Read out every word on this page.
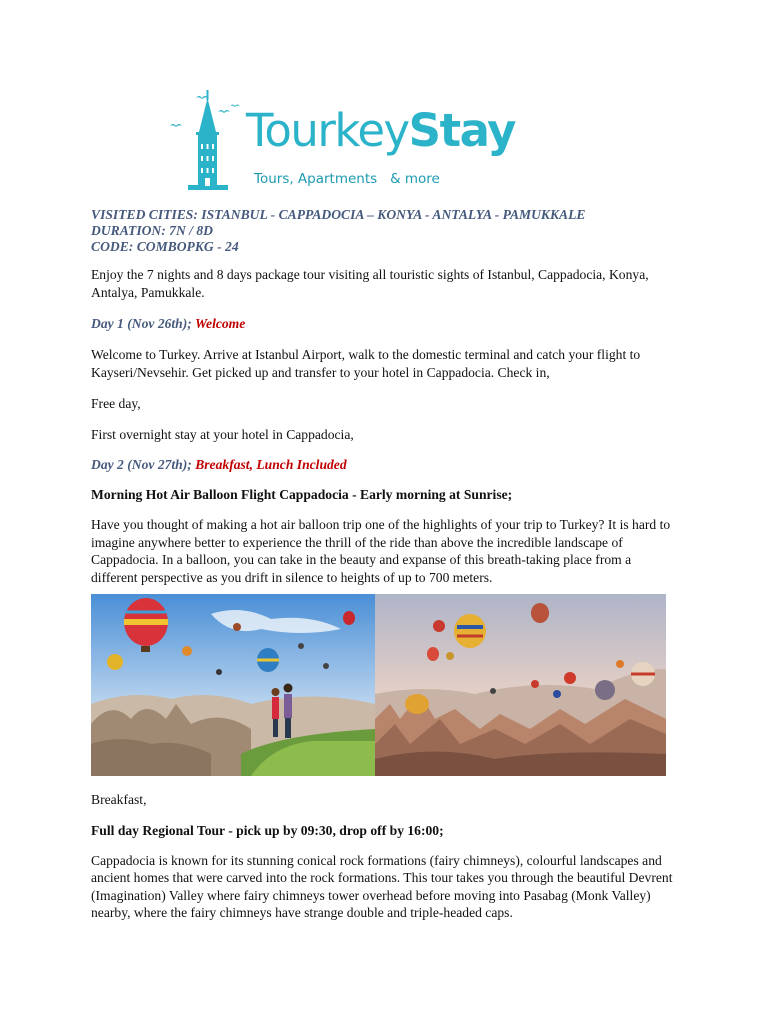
TourkeyStay
Tours, Apartments   & more

VISITED CITIES: ISTANBUL - CAPPADOCIA – KONYA - ANTALYA - PAMUKKALE

DURATION: 7N / 8D

CODE: COMBOPKG - 24

Enjoy the 7 nights and 8 days package tour visiting all touristic sights of Istanbul, Cappadocia, Konya, Antalya, Pamukkale.

Day 1 (Nov 26th); Welcome

Welcome to Turkey. Arrive at Istanbul Airport, walk to the domestic terminal and catch your flight to Kayseri/Nevsehir. Get picked up and transfer to your hotel in Cappadocia. Check in,

Free day,

First overnight stay at your hotel in Cappadocia,

Day 2 (Nov 27th); Breakfast, Lunch Included

Morning Hot Air Balloon Flight Cappadocia - Early morning at Sunrise;

Have you thought of making a hot air balloon trip one of the highlights of your trip to Turkey? It is hard to imagine anywhere better to experience the thrill of the ride than above the incredible landscape of Cappadocia. In a balloon, you can take in the beauty and expanse of this breath-taking place from a different perspective as you drift in silence to heights of up to 700 meters.

Breakfast,

Full day Regional Tour - pick up by 09:30, drop off by 16:00;

Cappadocia is known for its stunning conical rock formations (fairy chimneys), colourful landscapes and ancient homes that were carved into the rock formations. This tour takes you through the beautiful Devrent (Imagination) Valley where fairy chimneys tower overhead before moving into Pasabag (Monk Valley) nearby, where the fairy chimneys have strange double and triple-headed caps.
